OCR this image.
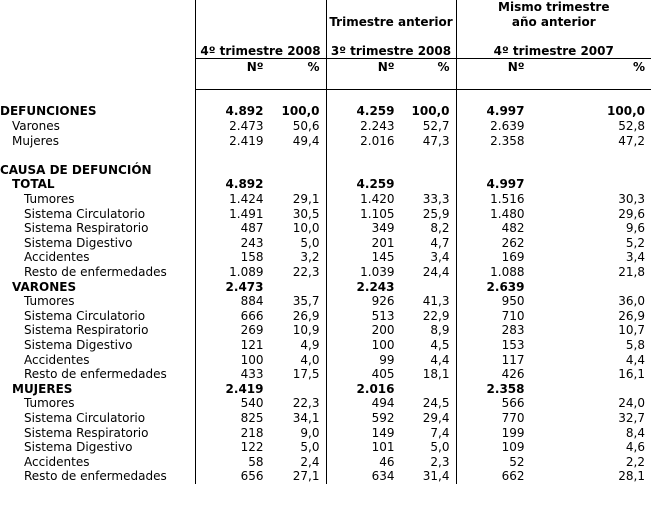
			Mismo trimestre
		Trimestre anterior	año anterior

	4º trimestre 2008	3º trimestre 2008	4º trimestre 2007

	Nº %	Nº %	Nº %

DEFUNCIONES	4.892 100,0	4.259 100,0	4.997 100,0

Varones	2.473 50,6	2.243 52,7	2.639 52,8

Mujeres	2.419 49,4	2.016 47,3	2.358 47,2

CAUSA DE DEFUNCIÓN			
TOTAL	4.892	4.259	4.997
Tumores	1.424 29,1	1.420 33,3	1.516 30,3

Sistema Circulatorio	1.491 30,5	1.105 25,9	1.480 29,6

Sistema Respiratorio	487 10,0	349 8,2	482 9,6

Sistema Digestivo	243 5,0	201 4,7	262 5,2

Accidentes	158 3,2	145 3,4	169 3,4

Resto de enfermedades	1.089 22,3	1.039 24,4	1.088 21,8

VARONES	2.473	2.243	2.639
Tumores	884 35,7	926 41,3	950 36,0

Sistema Circulatorio	666 26,9	513 22,9	710 26,9

Sistema Respiratorio	269 10,9	200 8,9	283 10,7

Sistema Digestivo	121 4,9	100 4,5	153 5,8

Accidentes	100 4,0	99 4,4	117 4,4

Resto de enfermedades	433 17,5	405 18,1	426 16,1

MUJERES	2.419	2.016	2.358
Tumores	540 22,3	494 24,5	566 24,0

Sistema Circulatorio	825 34,1	592 29,4	770 32,7

Sistema Respiratorio	218 9,0	149 7,4	199 8,4

Sistema Digestivo	122 5,0	101 5,0	109 4,6

Accidentes	58 2,4	46 2,3	52 2,2

Resto de enfermedades	656 27,1	634 31,4	662 28,1
